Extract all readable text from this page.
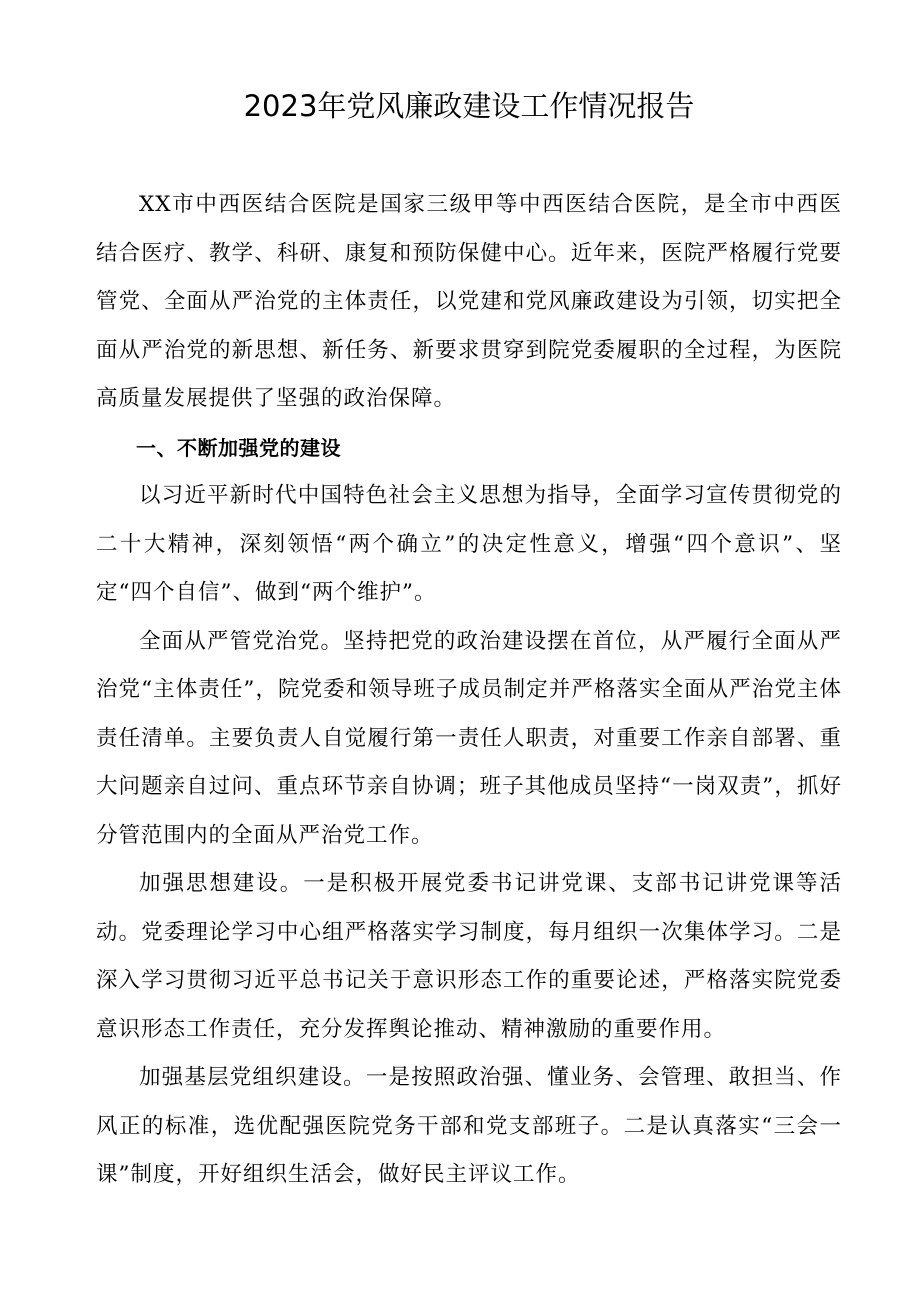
2023年党风廉政建设工作情况报告

XX市中西医结合医院是国家三级甲等中西医结合医院，是全市中西医结合医疗、教学、科研、康复和预防保健中心。近年来，医院严格履行党要管党、全面从严治党的主体责任，以党建和党风廉政建设为引领，切实把全面从严治党的新思想、新任务、新要求贯穿到院党委履职的全过程，为医院高质量发展提供了坚强的政治保障。

一、不断加强党的建设

以习近平新时代中国特色社会主义思想为指导，全面学习宣传贯彻党的二十大精神，深刻领悟“两个确立”的决定性意义，增强“四个意识”、坚定“四个自信”、做到“两个维护”。

全面从严管党治党。坚持把党的政治建设摆在首位，从严履行全面从严治党“主体责任”，院党委和领导班子成员制定并严格落实全面从严治党主体责任清单。主要负责人自觉履行第一责任人职责，对重要工作亲自部署、重大问题亲自过问、重点环节亲自协调；班子其他成员坚持“一岗双责”，抓好分管范围内的全面从严治党工作。

加强思想建设。一是积极开展党委书记讲党课、支部书记讲党课等活动。党委理论学习中心组严格落实学习制度，每月组织一次集体学习。二是深入学习贯彻习近平总书记关于意识形态工作的重要论述，严格落实院党委意识形态工作责任，充分发挥舆论推动、精神激励的重要作用。

加强基层党组织建设。一是按照政治强、懂业务、会管理、敢担当、作风正的标准，选优配强医院党务干部和党支部班子。二是认真落实“三会一课”制度，开好组织生活会，做好民主评议工作。
